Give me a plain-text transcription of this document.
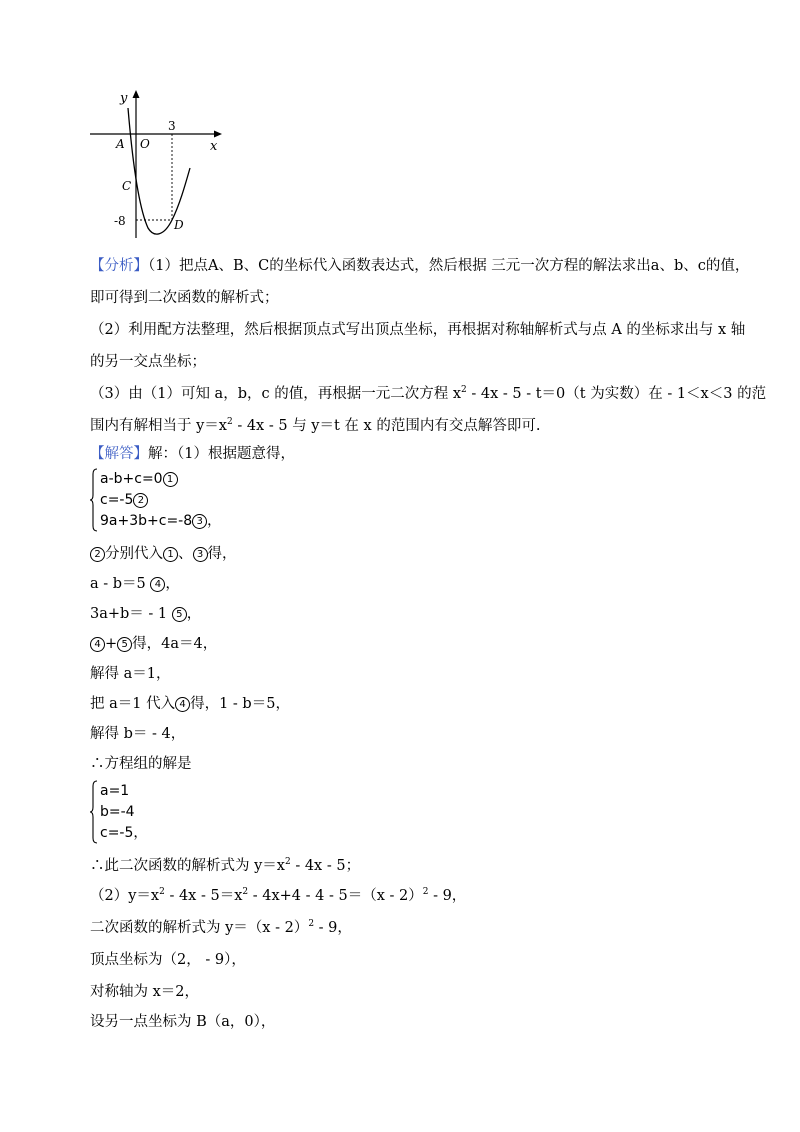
y
x
O
A
3
C
-8	D
【分析】（1）把点A、B、C的坐标代入函数表达式，然后根据 三元一次方程的解法求出a、b、c的值，
即可得到二次函数的解析式；
（2）利用配方法整理，然后根据顶点式写出顶点坐标，再根据对称轴解析式与点 A 的坐标求出与 x 轴
的另一交点坐标；
（3）由（1）可知 a，b，c 的值，再根据一元二次方程 $x^2 - 4x - 5 - t=0(t$ 为实数）在 - 1＜x＜3 的范
围内有解相当于 $y=x^2 - 4x - 5$ 与 y＝t 在 x 的范围内有交点解答即可.
【解答】解：（1）根据题意得，
a-b+c=0 1
c=-5 2
9a+3b+c=-8 3 ，
2 分别代入 1 、 3 得，
a - b＝5 4 ，
3a+b＝ - 1 5 ，
4 + 5 得，4a＝4，
解得 a＝1，
把 a＝1 代入 4 得，1 - b＝5，
解得 b＝ - 4，
∴方程组的解是
a=1
b=-4
c=-5，
∴此二次函数的解析式为 $y=x^2 - 4x - 5$；
$(2)y=x^2 - 4x - 5=x^2 - 4x+4 - 4 - 5=(x - 2)^2 - 9$，
二次函数的解析式为 y＝（x - 2）$^2$ - 9，
顶点坐标为（2， - 9），
对称轴为 x＝2，
设另一点坐标为 B（a，0），
